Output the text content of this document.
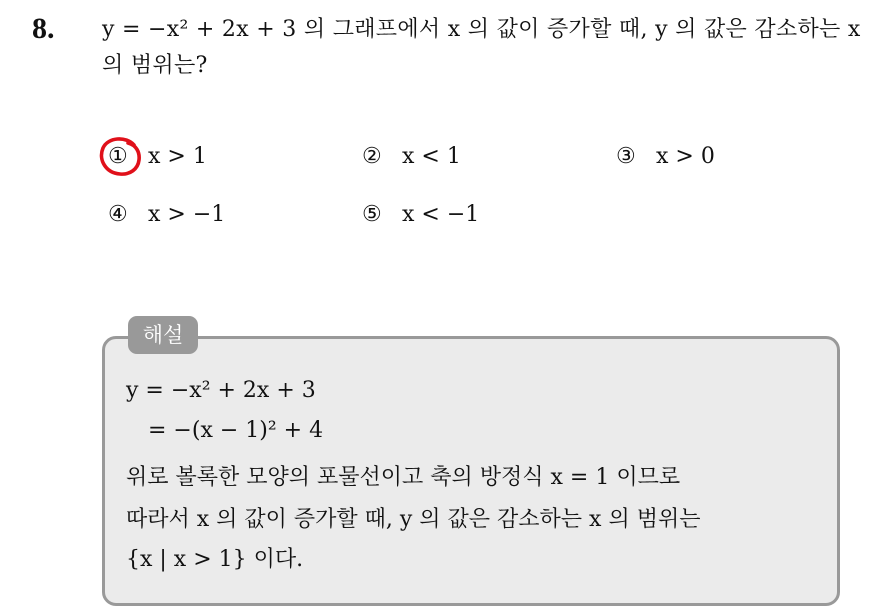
8. y = −x² + 2x + 3 의 그래프에서 x 의 값이 증가할 때, y 의 값은 감소하는 x 의 범위는?
① x > 1	② x < 1	③ x > 0
④ x > −1	⑤ x < −1
해설
y = −x² + 2x + 3
= −(x − 1)² + 4
위로 볼록한 모양의 포물선이고 축의 방정식 x = 1 이므로
따라서 x 의 값이 증가할 때, y 의 값은 감소하는 x 의 범위는
{x | x > 1} 이다.
